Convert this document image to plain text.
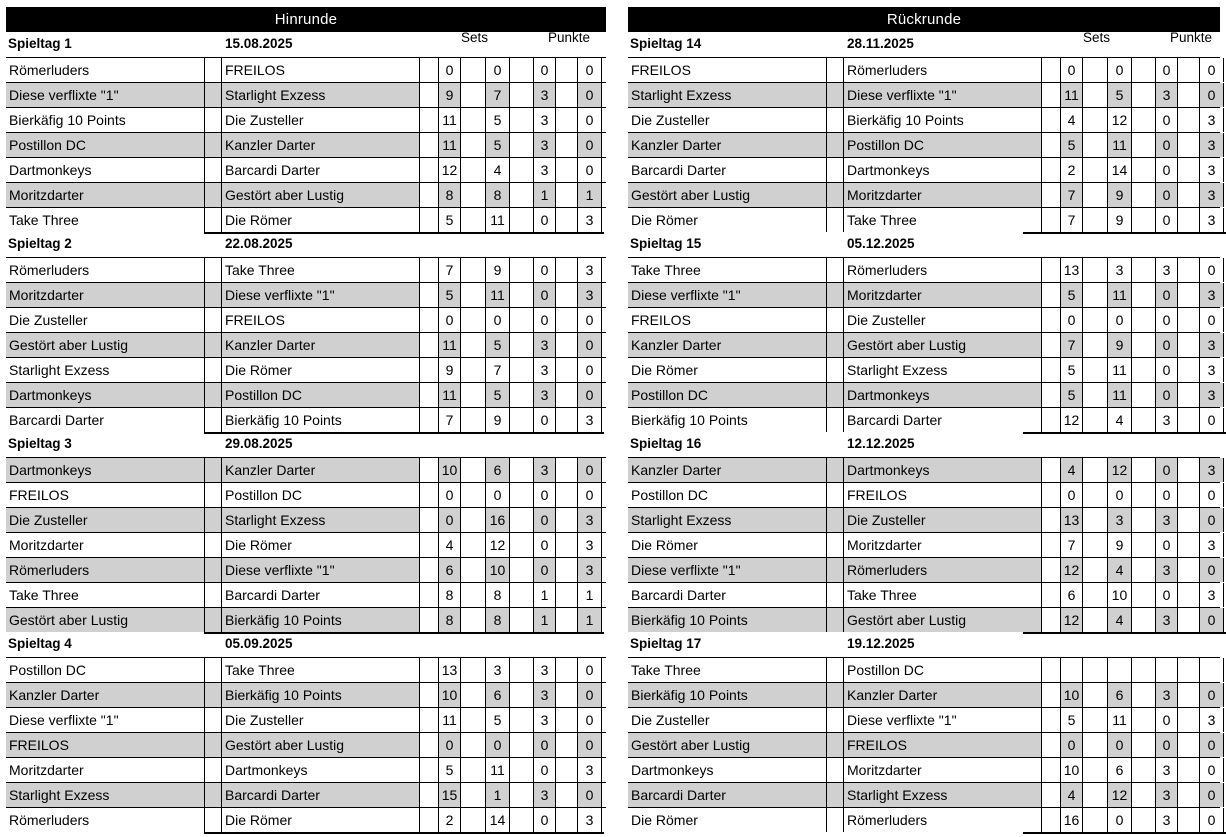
Hinrunde
Spieltag 1	15.08.2025	Sets	Punkte
Römerluders	FREILOS	0	0	0	0
Diese verflixte "1"	Starlight Exzess	9	7	3	0
Bierkäfig 10 Points	Die Zusteller	11	5	3	0
Postillon DC	Kanzler Darter	11	5	3	0
Dartmonkeys	Barcardi Darter	12	4	3	0
Moritzdarter	Gestört aber Lustig	8	8	1	1
Take Three	Die Römer	5	11	0	3
Spieltag 2	22.08.2025
Römerluders	Take Three	7	9	0	3
Moritzdarter	Diese verflixte "1"	5	11	0	3
Die Zusteller	FREILOS	0	0	0	0
Gestört aber Lustig	Kanzler Darter	11	5	3	0
Starlight Exzess	Die Römer	9	7	3	0
Dartmonkeys	Postillon DC	11	5	3	0
Barcardi Darter	Bierkäfig 10 Points	7	9	0	3
Spieltag 3	29.08.2025
Dartmonkeys	Kanzler Darter	10	6	3	0
FREILOS	Postillon DC	0	0	0	0
Die Zusteller	Starlight Exzess	0	16	0	3
Moritzdarter	Die Römer	4	12	0	3
Römerluders	Diese verflixte "1"	6	10	0	3
Take Three	Barcardi Darter	8	8	1	1
Gestört aber Lustig	Bierkäfig 10 Points	8	8	1	1
Spieltag 4	05.09.2025
Postillon DC	Take Three	13	3	3	0
Kanzler Darter	Bierkäfig 10 Points	10	6	3	0
Diese verflixte "1"	Die Zusteller	11	5	3	0
FREILOS	Gestört aber Lustig	0	0	0	0
Moritzdarter	Dartmonkeys	5	11	0	3
Starlight Exzess	Barcardi Darter	15	1	3	0
Römerluders	Die Römer	2	14	0	3
Rückrunde
Spieltag 14	28.11.2025	Sets	Punkte
FREILOS	Römerluders	0	0	0	0
Starlight Exzess	Diese verflixte "1"	11	5	3	0
Die Zusteller	Bierkäfig 10 Points	4	12	0	3
Kanzler Darter	Postillon DC	5	11	0	3
Barcardi Darter	Dartmonkeys	2	14	0	3
Gestört aber Lustig	Moritzdarter	7	9	0	3
Die Römer	Take Three	7	9	0	3
Spieltag 15	05.12.2025
Take Three	Römerluders	13	3	3	0
Diese verflixte "1"	Moritzdarter	5	11	0	3
FREILOS	Die Zusteller	0	0	0	0
Kanzler Darter	Gestört aber Lustig	7	9	0	3
Die Römer	Starlight Exzess	5	11	0	3
Postillon DC	Dartmonkeys	5	11	0	3
Bierkäfig 10 Points	Barcardi Darter	12	4	3	0
Spieltag 16	12.12.2025
Kanzler Darter	Dartmonkeys	4	12	0	3
Postillon DC	FREILOS	0	0	0	0
Starlight Exzess	Die Zusteller	13	3	3	0
Die Römer	Moritzdarter	7	9	0	3
Diese verflixte "1"	Römerluders	12	4	3	0
Barcardi Darter	Take Three	6	10	0	3
Bierkäfig 10 Points	Gestört aber Lustig	12	4	3	0
Spieltag 17	19.12.2025
Take Three	Postillon DC
Bierkäfig 10 Points	Kanzler Darter	10	6	3	0
Die Zusteller	Diese verflixte "1"	5	11	0	3
Gestört aber Lustig	FREILOS	0	0	0	0
Dartmonkeys	Moritzdarter	10	6	3	0
Barcardi Darter	Starlight Exzess	4	12	3	0
Die Römer	Römerluders	16	0	3	0
